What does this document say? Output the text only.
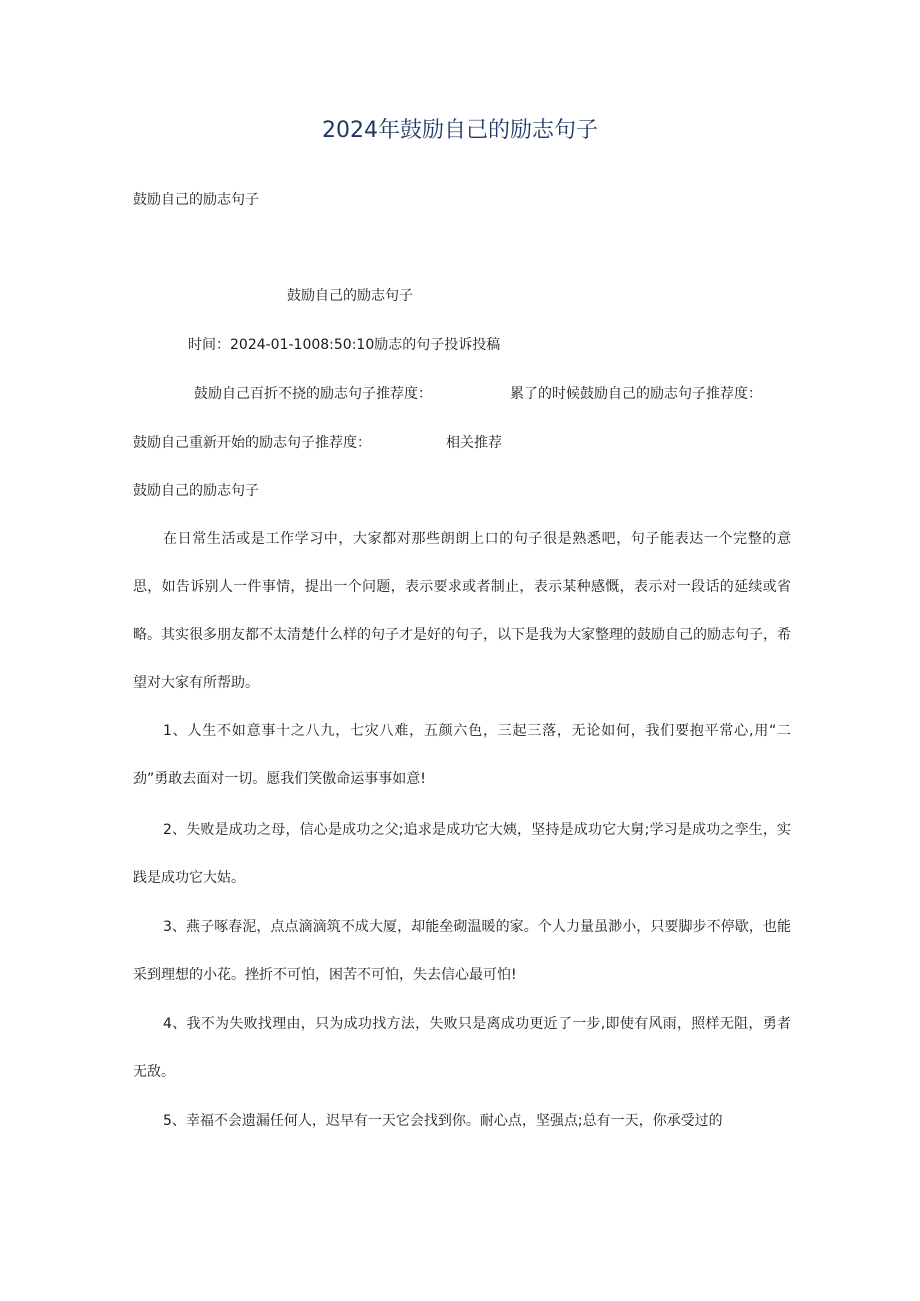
2024年鼓励自己的励志句子
鼓励自己的励志句子
鼓励自己的励志句子
时间：2024-01-1008:50:10励志的句子投诉投稿
鼓励自己百折不挠的励志句子推荐度：	累了的时候鼓励自己的励志句子推荐度：
鼓励自己重新开始的励志句子推荐度：	相关推荐
鼓励自己的励志句子

在日常生活或是工作学习中，大家都对那些朗朗上口的句子很是熟悉吧，句子能表达一个完整的意思，如告诉别人一件事情，提出一个问题，表示要求或者制止，表示某种感慨，表示对一段话的延续或省略。其实很多朋友都不太清楚什么样的句子才是好的句子，以下是我为大家整理的鼓励自己的励志句子，希望对大家有所帮助。

1、人生不如意事十之八九，七灾八难，五颜六色，三起三落，无论如何，我们要抱平常心,用“二劲”勇敢去面对一切。愿我们笑傲命运事事如意!

2、失败是成功之母，信心是成功之父;追求是成功它大姨，坚持是成功它大舅;学习是成功之孪生，实践是成功它大姑。

3、燕子啄春泥，点点滴滴筑不成大厦，却能垒砌温暖的家。个人力量虽渺小，只要脚步不停歇，也能采到理想的小花。挫折不可怕，困苦不可怕，失去信心最可怕!

4、我不为失败找理由，只为成功找方法，失败只是离成功更近了一步,即使有风雨，照样无阻，勇者无敌。

5、幸福不会遗漏任何人，迟早有一天它会找到你。耐心点，坚强点;总有一天，你承受过的
